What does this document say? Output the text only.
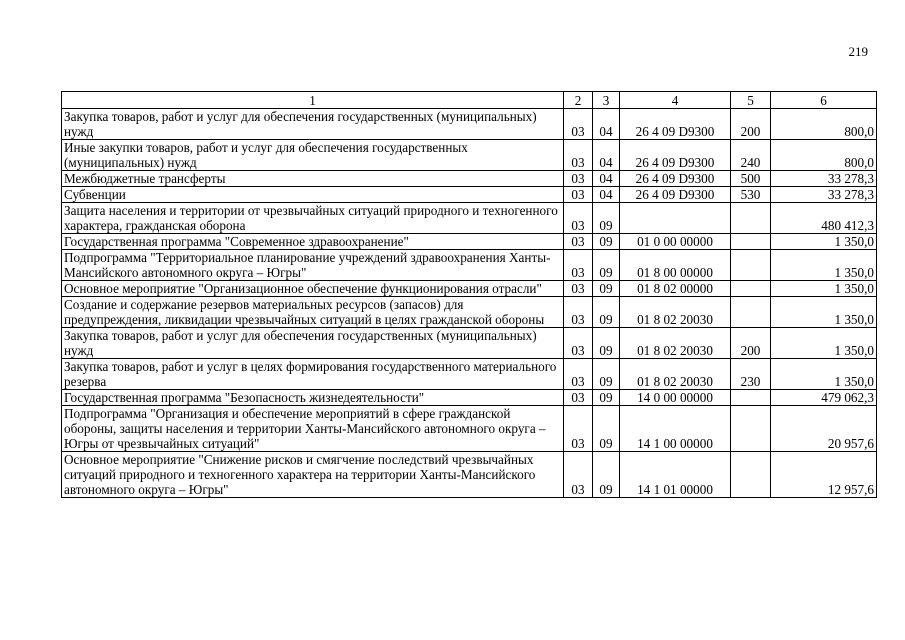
219
1	2	3	4	5	6
Закупка товаров, работ и услуг для обеспечения государственных (муниципальных) нужд	03	04	26 4 09 D9300	200	800,0
Иные закупки товаров, работ и услуг для обеспечения государственных (муниципальных) нужд	03	04	26 4 09 D9300	240	800,0
Межбюджетные трансферты	03	04	26 4 09 D9300	500	33 278,3
Субвенции	03	04	26 4 09 D9300	530	33 278,3
Защита населения и территории от чрезвычайных ситуаций природного и техногенного характера, гражданская оборона	03	09			480 412,3
Государственная программа "Современное здравоохранение"	03	09	01 0 00 00000		1 350,0
Подпрограмма "Территориальное планирование учреждений здравоохранения Ханты-Мансийского автономного округа – Югры"	03	09	01 8 00 00000		1 350,0
Основное мероприятие "Организационное обеспечение функционирования отрасли"	03	09	01 8 02 00000		1 350,0
Создание и содержание резервов материальных ресурсов (запасов) для предупреждения, ликвидации чрезвычайных ситуаций в целях гражданской обороны	03	09	01 8 02 20030		1 350,0
Закупка товаров, работ и услуг для обеспечения государственных (муниципальных) нужд	03	09	01 8 02 20030	200	1 350,0
Закупка товаров, работ и услуг в целях формирования государственного материального резерва	03	09	01 8 02 20030	230	1 350,0
Государственная программа "Безопасность жизнедеятельности"	03	09	14 0 00 00000		479 062,3
Подпрограмма "Организация и обеспечение мероприятий в сфере гражданской обороны, защиты населения и территории Ханты-Мансийского автономного округа – Югры от чрезвычайных ситуаций"	03	09	14 1 00 00000		20 957,6
Основное мероприятие "Снижение рисков и смягчение последствий чрезвычайных ситуаций природного и техногенного характера на территории Ханты-Мансийского автономного округа – Югры"	03	09	14 1 01 00000		12 957,6
